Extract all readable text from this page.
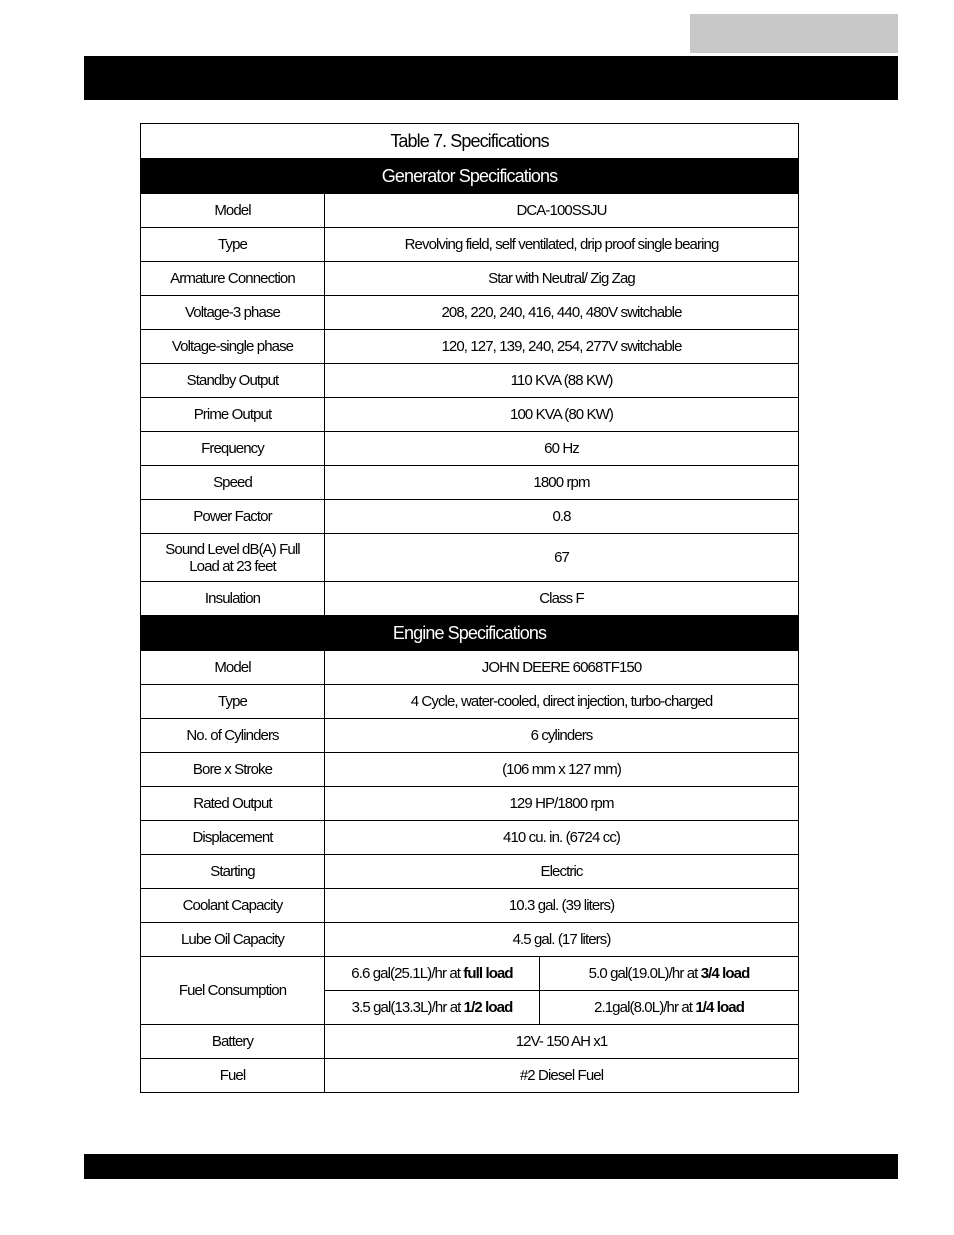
Table 7. Specifications		
Generator Specifications		
Model	DCA-100SSJU	
Type	Revolving field, self ventilated, drip proof single bearing	
Armature Connection	Star with Neutral/ Zig Zag	
Voltage-3 phase	208, 220, 240, 416, 440, 480V switchable	
Voltage-single phase	120, 127, 139, 240, 254, 277V switchable	
Standby Output	110 KVA (88 KW)	
Prime Output	100 KVA (80 KW)	
Frequency	60 Hz	
Speed	1800 rpm	
Power Factor	0.8	
Sound Level dB(A) Full
Load at 23 feet	67	
Insulation	Class F	
Engine Specifications		
Model	JOHN DEERE 6068TF150	
Type	4 Cycle, water-cooled, direct injection, turbo-charged	
No. of Cylinders	6 cylinders	
Bore x Stroke	(106 mm x 127 mm)	
Rated Output	129 HP/1800 rpm	
Displacement	410 cu. in. (6724 cc)	
Starting	Electric	
Coolant Capacity	10.3 gal. (39 liters)	
Lube Oil Capacity	4.5 gal. (17 liters)	
Fuel Consumption	6.6 gal(25.1L)/hr at full load	5.0 gal(19.0L)/hr at 3/4 load
	3.5 gal(13.3L)/hr at 1/2 load	2.1gal(8.0L)/hr at 1/4 load
Battery	12V- 150 AH x1	
Fuel	#2 Diesel Fuel	
